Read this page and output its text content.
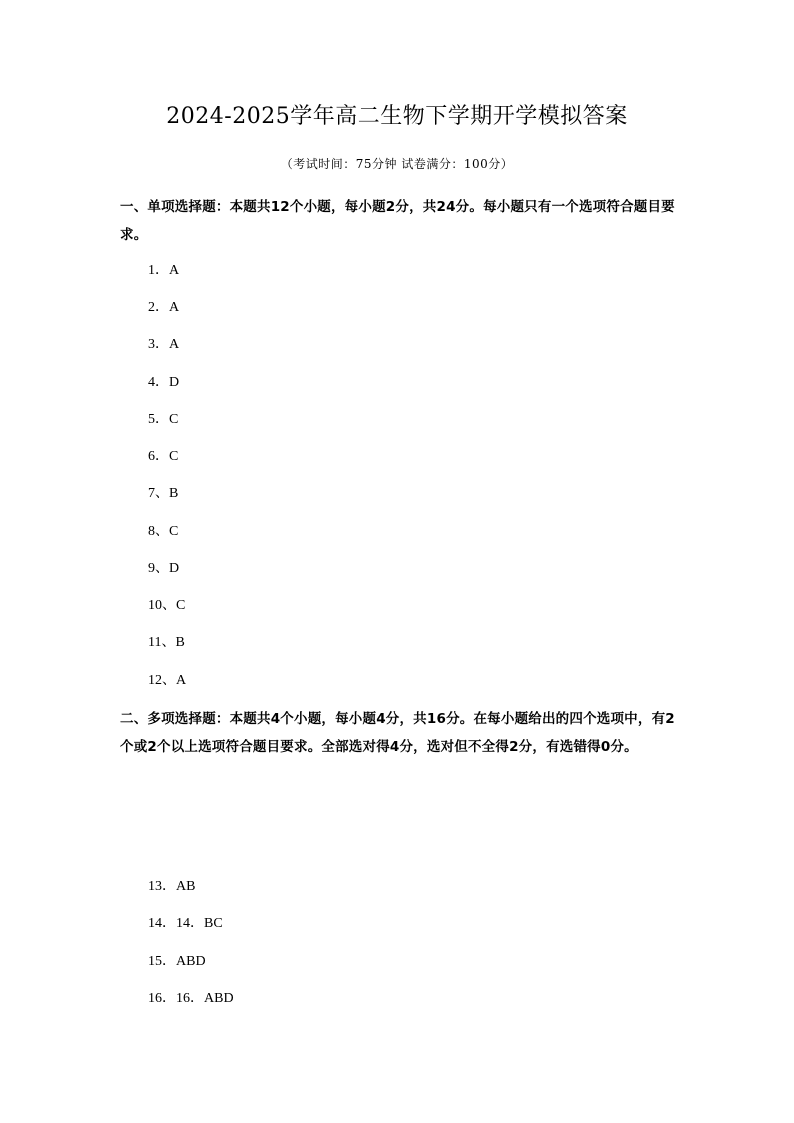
2024-2025学年高二生物下学期开学模拟答案
（考试时间：75分钟 试卷满分：100分）
一、单项选择题：本题共12个小题，每小题2分，共24分。每小题只有一个选项符合题目要求。
1．A
2．A
3．A
4．D
5．C
6．C
7、B
8、C
9、D
10、C
11、B
12、A
二、多项选择题：本题共4个小题，每小题4分，共16分。在每小题给出的四个选项中，有2个或2个以上选项符合题目要求。全部选对得4分，选对但不全得2分，有选错得0分。
13．AB
14．14．BC
15．ABD
16．16．ABD
